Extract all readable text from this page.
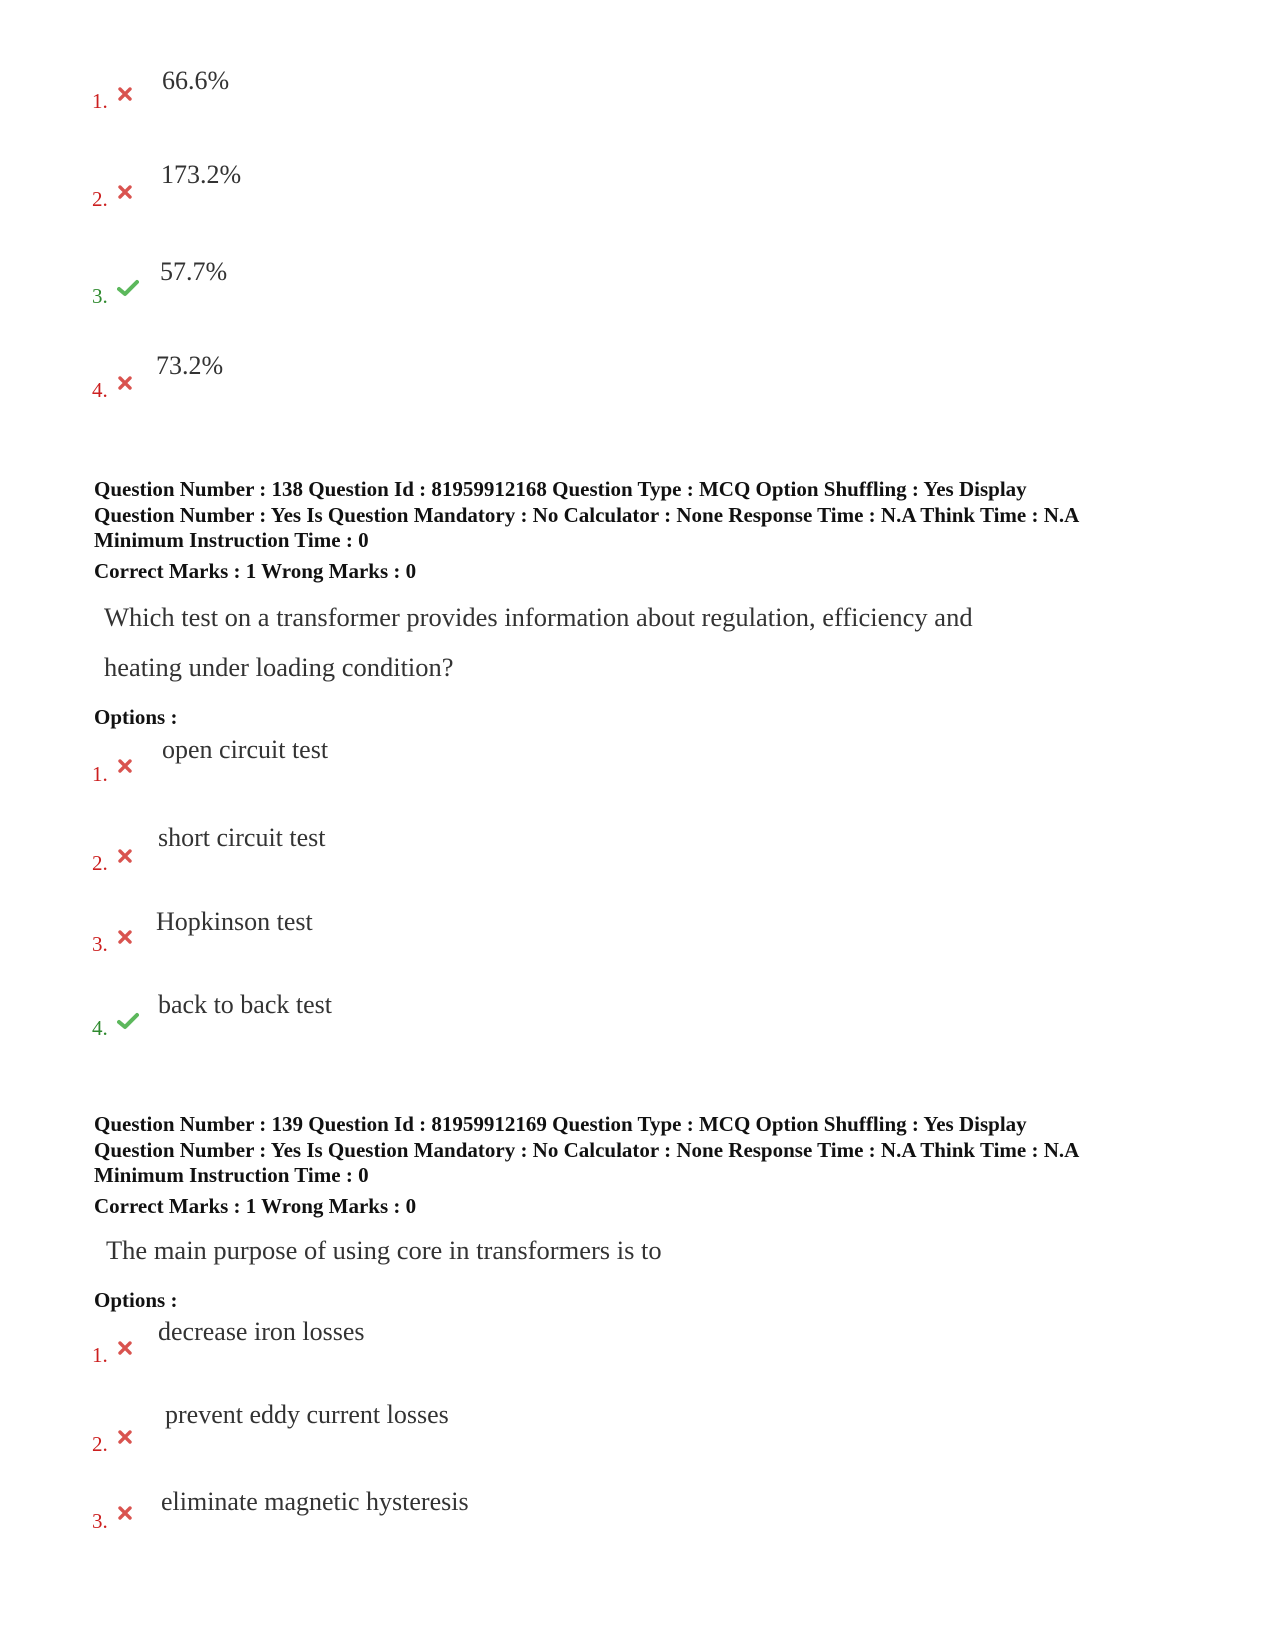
1.
66.6%
2.
173.2%
3.
57.7%
4.
73.2%
Question Number : 138 Question Id : 81959912168 Question Type : MCQ Option Shuffling : Yes Display
Question Number : Yes Is Question Mandatory : No Calculator : None Response Time : N.A Think Time : N.A
Minimum Instruction Time : 0
Correct Marks : 1 Wrong Marks : 0
Which test on a transformer provides information about regulation, efficiency and
heating under loading condition?
Options :
1.
open circuit test
2.
short circuit test
3.
Hopkinson test
4.
back to back test
Question Number : 139 Question Id : 81959912169 Question Type : MCQ Option Shuffling : Yes Display
Question Number : Yes Is Question Mandatory : No Calculator : None Response Time : N.A Think Time : N.A
Minimum Instruction Time : 0
Correct Marks : 1 Wrong Marks : 0
The main purpose of using core in transformers is to
Options :
1.
decrease iron losses
2.
prevent eddy current losses
3.
eliminate magnetic hysteresis
